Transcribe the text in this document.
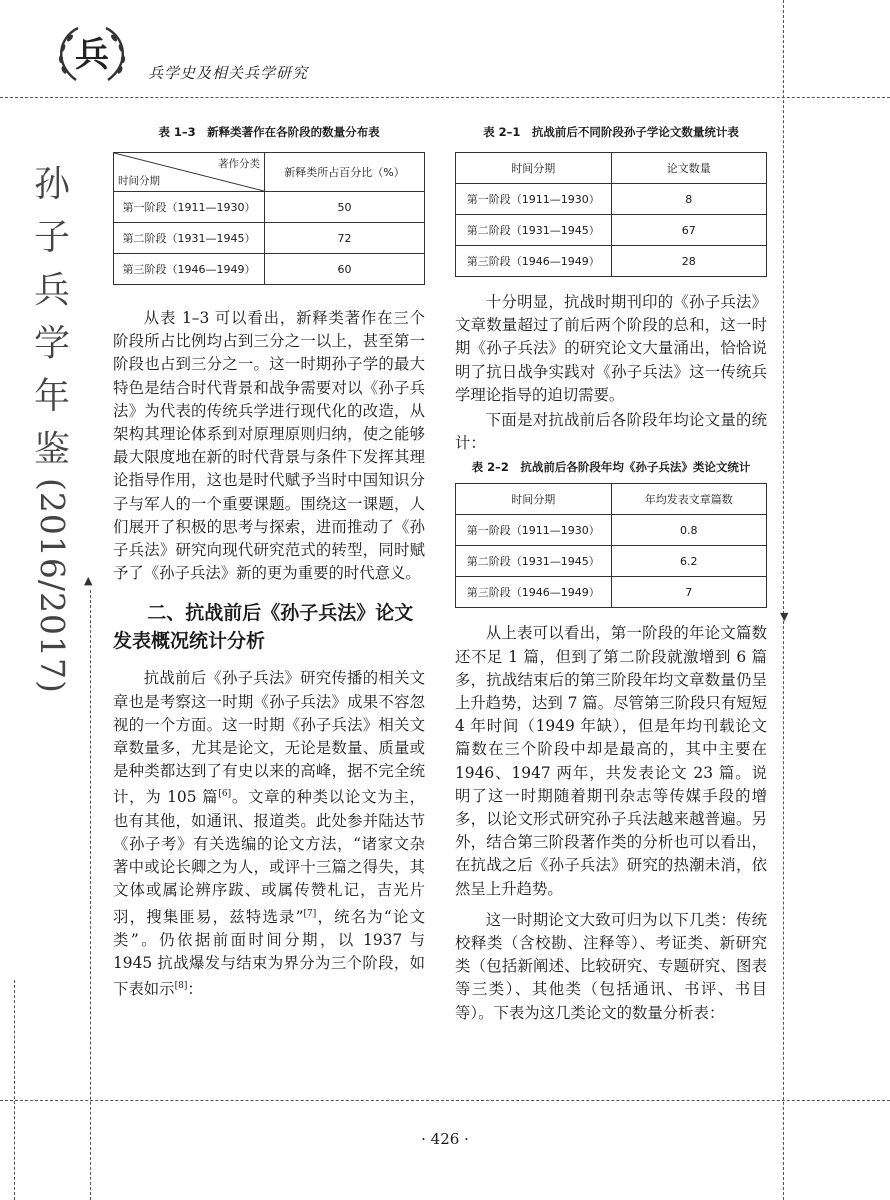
兵	兵学史及相关兵学研究
孙
子
兵
学
年
鉴
(2016/2017)	▲
▼
表 1–3　新释类著作在各阶段的数量分布表
著作分类
时间分期	新释类所占百分比（%）
第一阶段（1911—1930）	50
第二阶段（1931—1945）	72
第三阶段（1946—1949）	60

从表 1–3 可以看出，新释类著作在三个阶段所占比例均占到三分之一以上，甚至第一阶段也占到三分之一。这一时期孙子学的最大特色是结合时代背景和战争需要对以《孙子兵法》为代表的传统兵学进行现代化的改造，从架构其理论体系到对原理原则归纳，使之能够最大限度地在新的时代背景与条件下发挥其理论指导作用，这也是时代赋予当时中国知识分子与军人的一个重要课题。围绕这一课题，人们展开了积极的思考与探索，进而推动了《孙子兵法》研究向现代研究范式的转型，同时赋予了《孙子兵法》新的更为重要的时代意义。

二、抗战前后《孙子兵法》论文发表概况统计分析

抗战前后《孙子兵法》研究传播的相关文章也是考察这一时期《孙子兵法》成果不容忽视的一个方面。这一时期《孙子兵法》相关文章数量多，尤其是论文，无论是数量、质量或是种类都达到了有史以来的高峰，据不完全统计，为 105 篇[6]。文章的种类以论文为主，也有其他，如通讯、报道类。此处参并陆达节《孙子考》有关选编的论文方法，“诸家文杂著中或论长卿之为人，或评十三篇之得失，其文体或属论辨序跋、或属传赞札记，吉光片羽，搜集匪易，兹特选录”[7]，统名为“论文类”。仍依据前面时间分期，以 1937 与 1945 抗战爆发与结束为界分为三个阶段，如下表如示[8]：

表 2–1　抗战前后不同阶段孙子学论文数量统计表
时间分期	论文数量
第一阶段（1911—1930）	8
第二阶段（1931—1945）	67
第三阶段（1946—1949）	28

十分明显，抗战时期刊印的《孙子兵法》文章数量超过了前后两个阶段的总和，这一时期《孙子兵法》的研究论文大量涌出，恰恰说明了抗日战争实践对《孙子兵法》这一传统兵学理论指导的迫切需要。

下面是对抗战前后各阶段年均论文量的统计：

表 2–2　抗战前后各阶段年均《孙子兵法》类论文统计
时间分期	年均发表文章篇数
第一阶段（1911—1930）	0.8
第二阶段（1931—1945）	6.2
第三阶段（1946—1949）	7

从上表可以看出，第一阶段的年论文篇数还不足 1 篇，但到了第二阶段就激增到 6 篇多，抗战结束后的第三阶段年均文章数量仍呈上升趋势，达到 7 篇。尽管第三阶段只有短短 4 年时间（1949 年缺），但是年均刊载论文篇数在三个阶段中却是最高的，其中主要在 1946、1947 两年，共发表论文 23 篇。说明了这一时期随着期刊杂志等传媒手段的增多，以论文形式研究孙子兵法越来越普遍。另外，结合第三阶段著作类的分析也可以看出，在抗战之后《孙子兵法》研究的热潮未消，依然呈上升趋势。

这一时期论文大致可归为以下几类：传统校释类（含校勘、注释等）、考证类、新研究类（包括新阐述、比较研究、专题研究、图表等三类）、其他类（包括通讯、书评、书目等）。下表为这几类论文的数量分析表：

· 426 ·
